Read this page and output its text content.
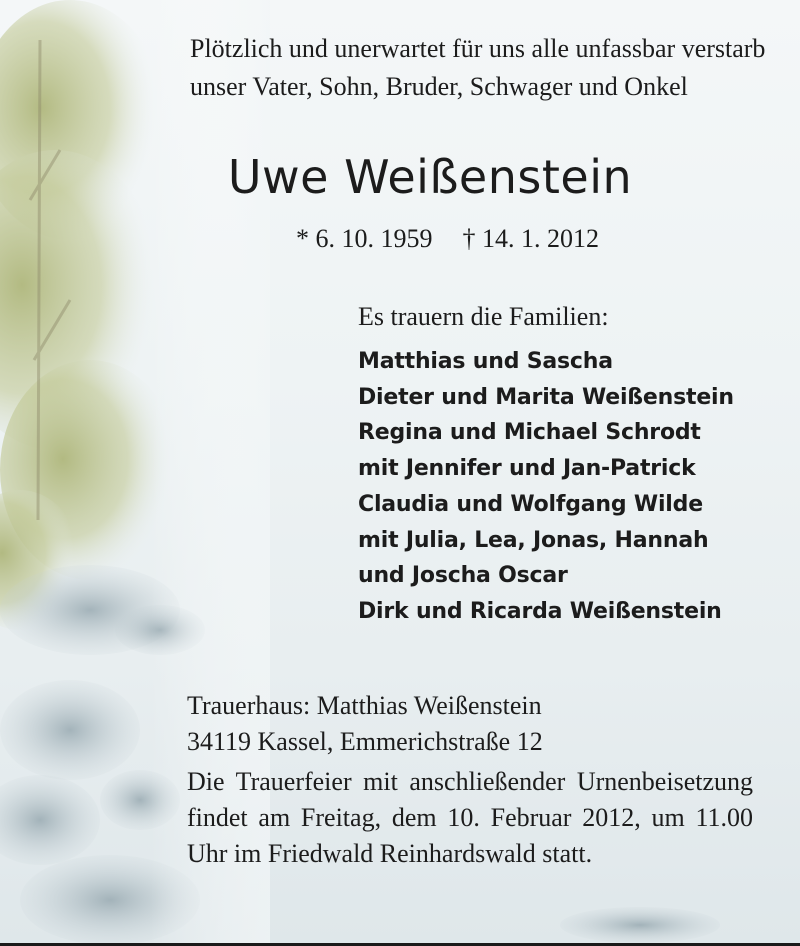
Plötzlich und unerwartet für uns alle unfassbar verstarb unser Vater, Sohn, Bruder, Schwager und Onkel
Uwe Weißenstein
* 6. 10. 1959 † 14. 1. 2012
Es trauern die Familien:
Matthias und Sascha
Dieter und Marita Weißenstein
Regina und Michael Schrodt
mit Jennifer und Jan-Patrick
Claudia und Wolfgang Wilde
mit Julia, Lea, Jonas, Hannah
und Joscha Oscar
Dirk und Ricarda Weißenstein
Trauerhaus: Matthias Weißenstein
34119 Kassel, Emmerichstraße 12
Die Trauerfeier mit anschließender Urnenbeisetzung findet am Freitag, dem 10. Februar 2012, um 11.00 Uhr im Friedwald Reinhardswald statt.
